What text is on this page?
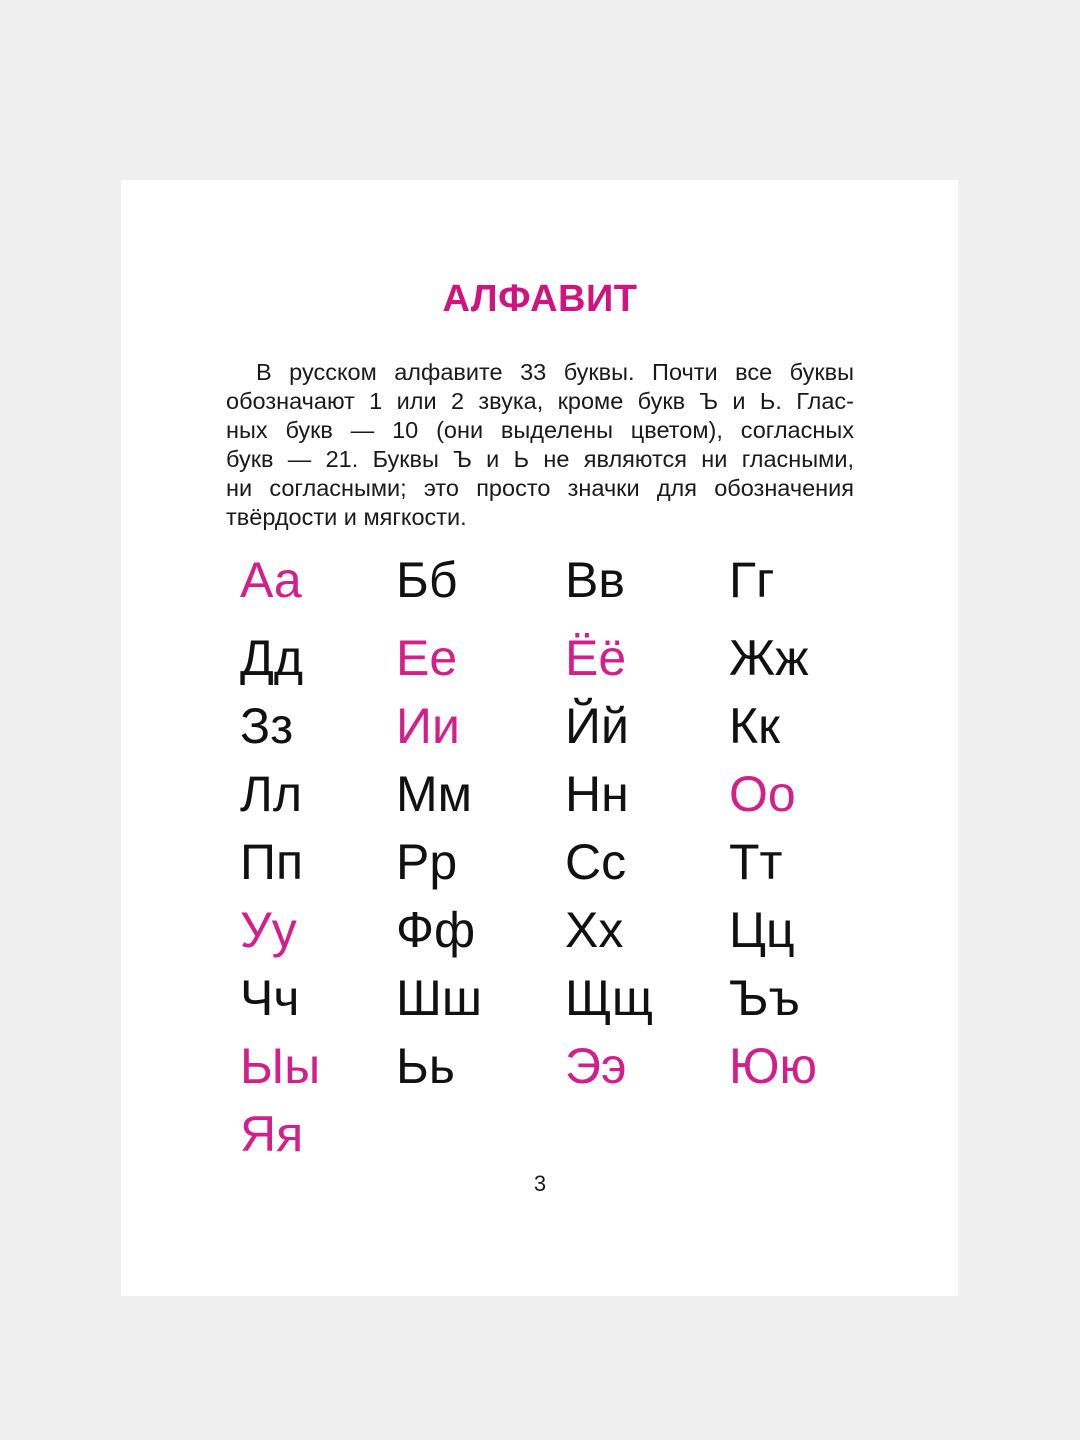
АЛФАВИТ
В русском алфавите 33 буквы. Почти все буквы
обозначают 1 или 2 звука, кроме букв Ъ и Ь. Глас-
ных букв — 10 (они выделены цветом), согласных
букв — 21. Буквы Ъ и Ь не являются ни гласными,
ни согласными; это просто значки для обозначения
твёрдости и мягкости.
Аа Бб Вв Гг
Дд Ее Ёё Жж
Зз Ии Йй Кк
Лл Мм Нн Оо
Пп Рр Сс Тт
Уу Фф Хх Цц
Чч Шш Щщ Ъъ
Ыы Ьь Ээ Юю
Яя
3
